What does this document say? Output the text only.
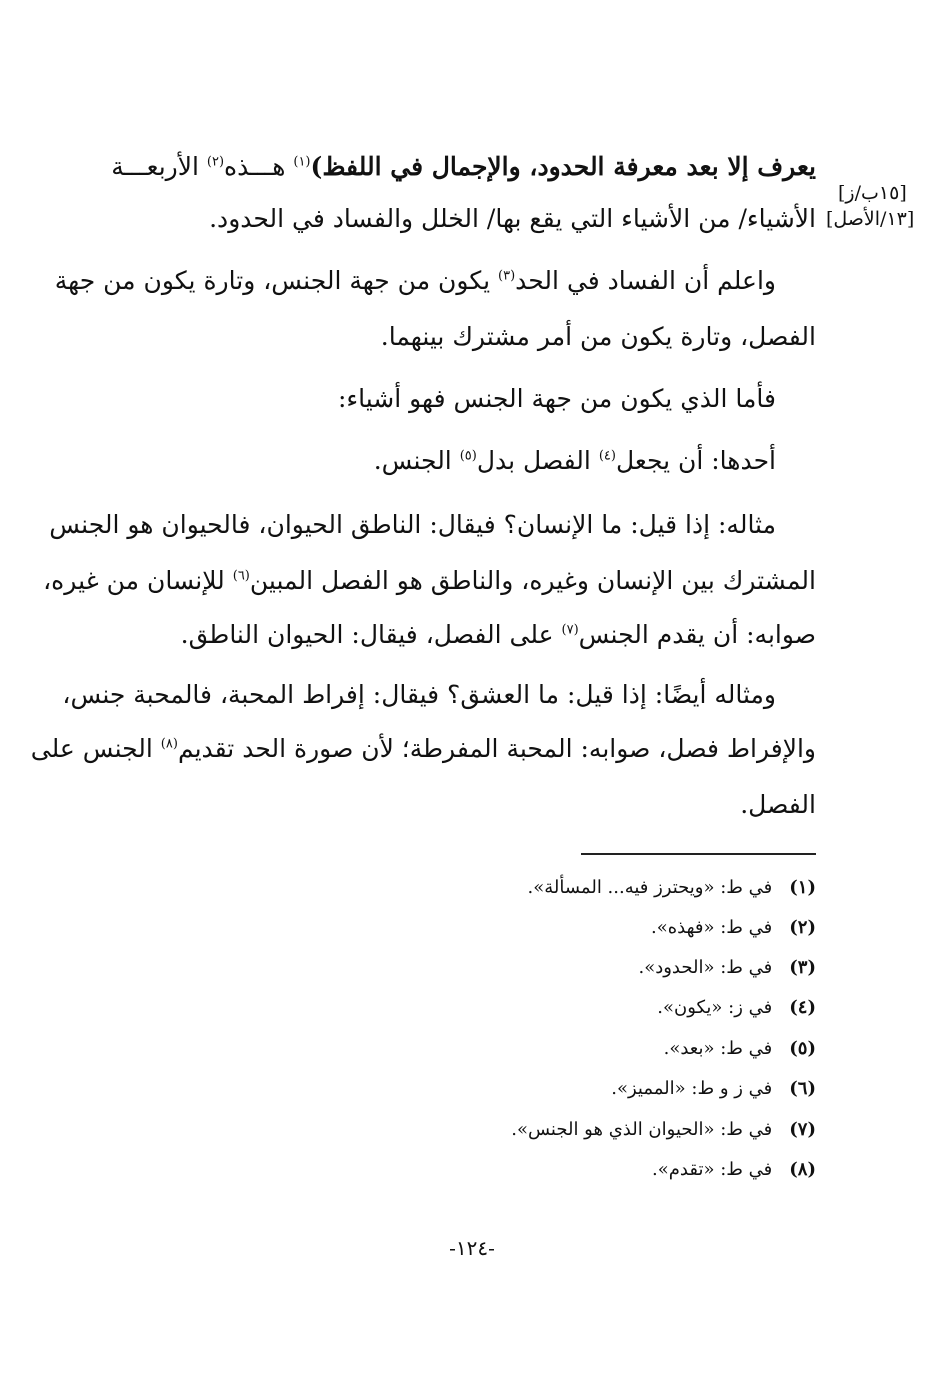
[١٥ب/ز]
[١٣/الأصل]
يعرف إلا بعد معرفة الحدود، والإجمال في اللفظ)$^{(١)}$ هـــذه$^{(٢)}$ الأربعـــة
الأشياء/ من الأشياء التي يقع بها/ الخلل والفساد في الحدود.
واعلم أن الفساد في الحد$^{(٣)}$ يكون من جهة الجنس، وتارة يكون من جهة
الفصل، وتارة يكون من أمر مشترك بينهما.
فأما الذي يكون من جهة الجنس فهو أشياء:
أحدها: أن يجعل$^{(٤)}$ الفصل بدل$^{(٥)}$ الجنس.
مثاله: إذا قيل: ما الإنسان؟ فيقال: الناطق الحيوان، فالحيوان هو الجنس
المشترك بين الإنسان وغيره، والناطق هو الفصل المبين$^{(٦)}$ للإنسان من غيره،
صوابه: أن يقدم الجنس$^{(٧)}$ على الفصل، فيقال: الحيوان الناطق.
ومثاله أيضًا: إذا قيل: ما العشق؟ فيقال: إفراط المحبة، فالمحبة جنس،
والإفراط فصل، صوابه: المحبة المفرطة؛ لأن صورة الحد تقديم$^{(٨)}$ الجنس على
الفصل.
(١) في ط: «ويحترز فيه... المسألة».
(٢) في ط: «فهذه».
(٣) في ط: «الحدود».
(٤) في ز: «يكون».
(٥) في ط: «بعد».
(٦) في ز و ط: «المميز».
(٧) في ط: «الحيوان الذي هو الجنس».
(٨) في ط: «تقدم».
-١٢٤-
